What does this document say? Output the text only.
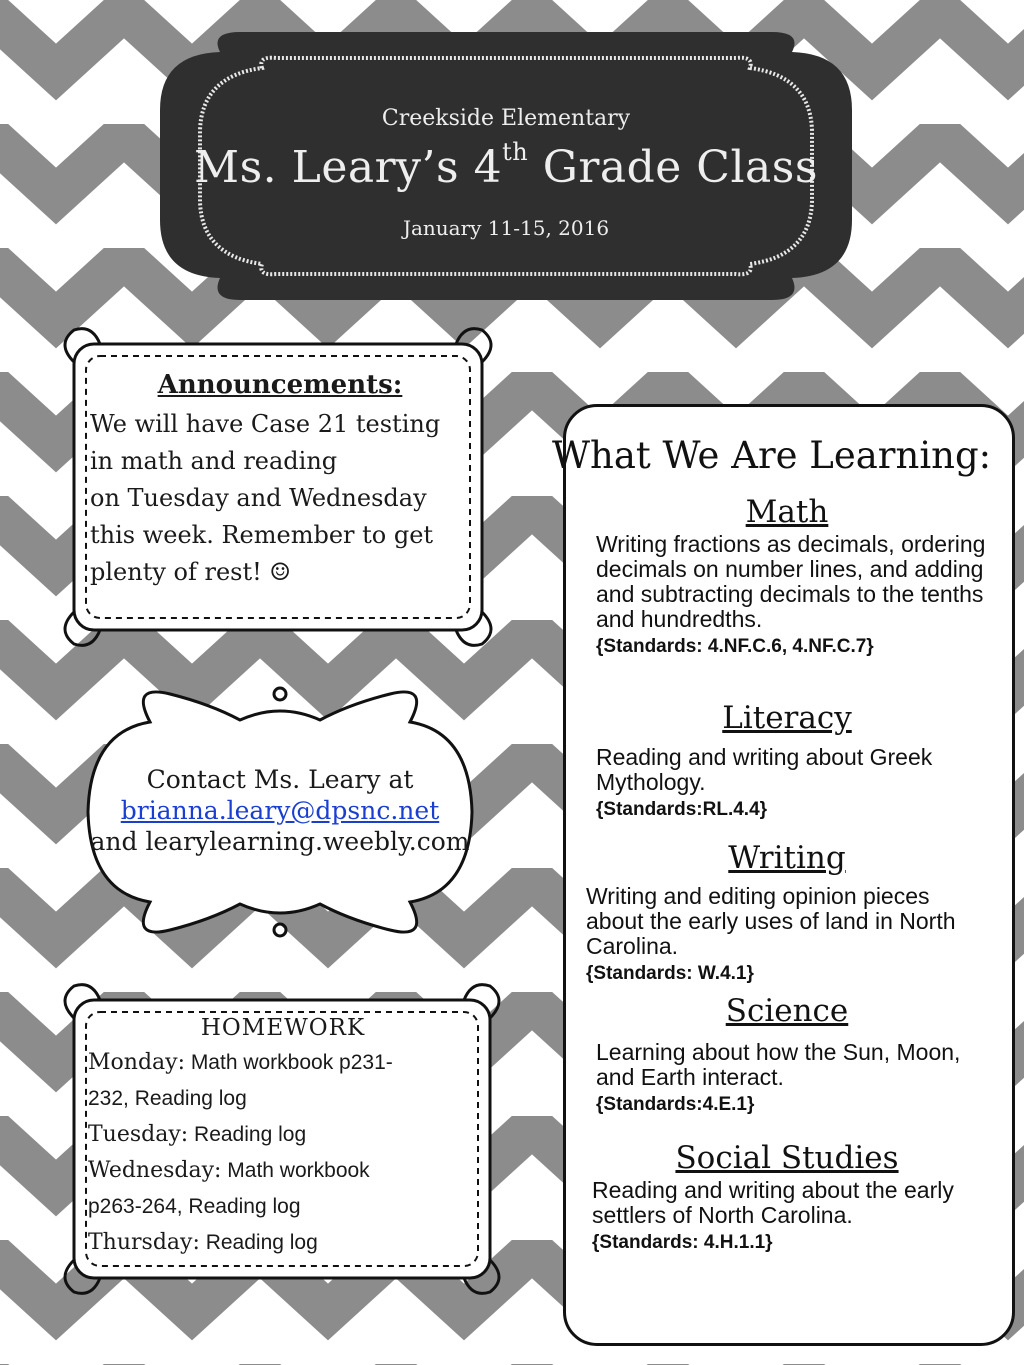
Creekside Elementary
Ms. Leary’s 4th Grade Class
January 11-15, 2016
Announcements:

We will have Case 21 testing
in math and reading
on Tuesday and Wednesday
this week. Remember to get
plenty of rest! ☺

Contact Ms. Leary at
brianna.leary@dpsnc.net
and learylearning.weebly.com
HOMEWORK
Monday: Math workbook p231-
232, Reading log
Tuesday: Reading log
Wednesday: Math workbook
p263-264, Reading log
Thursday: Reading log
What We Are Learning:
Math
Writing fractions as decimals, ordering decimals on number lines, and adding and subtracting decimals to the tenths and hundredths.
{Standards: 4.NF.C.6, 4.NF.C.7}
Literacy
Reading and writing about Greek Mythology.
{Standards:RL.4.4}
Writing
Writing and editing opinion pieces about the early uses of land in North Carolina.
{Standards: W.4.1}
Science
Learning about how the Sun, Moon, and Earth interact.
{Standards:4.E.1}
Social Studies
Reading and writing about the early settlers of North Carolina.
{Standards: 4.H.1.1}
